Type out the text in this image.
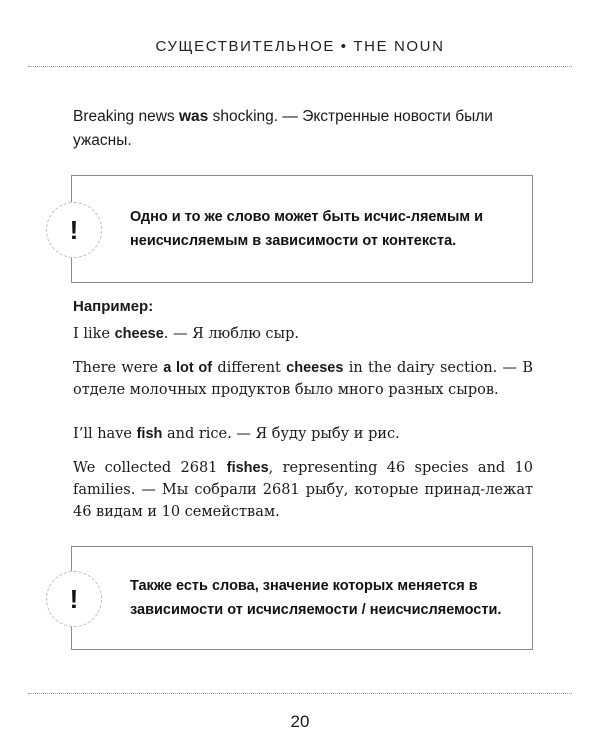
СУЩЕСТВИТЕЛЬНОЕ • THE NOUN
Breaking news was shocking. — Экстренные новости были ужасны.
!	Одно и то же слово может быть исчис-ляемым и неисчисляемым в зависимости от контекста.
Например:
I like cheese. — Я люблю сыр.
There were a lot of different cheeses in the dairy section. — В отделе молочных продуктов было много разных сыров.
I’ll have fish and rice. — Я буду рыбу и рис.
We collected 2681 fishes, representing 46 species and 10 families. — Мы собрали 2681 рыбу, которые принад-лежат 46 видам и 10 семействам.
!	Также есть слова, значение которых меняется в зависимости от исчисляемости / неисчисляемости.
20
